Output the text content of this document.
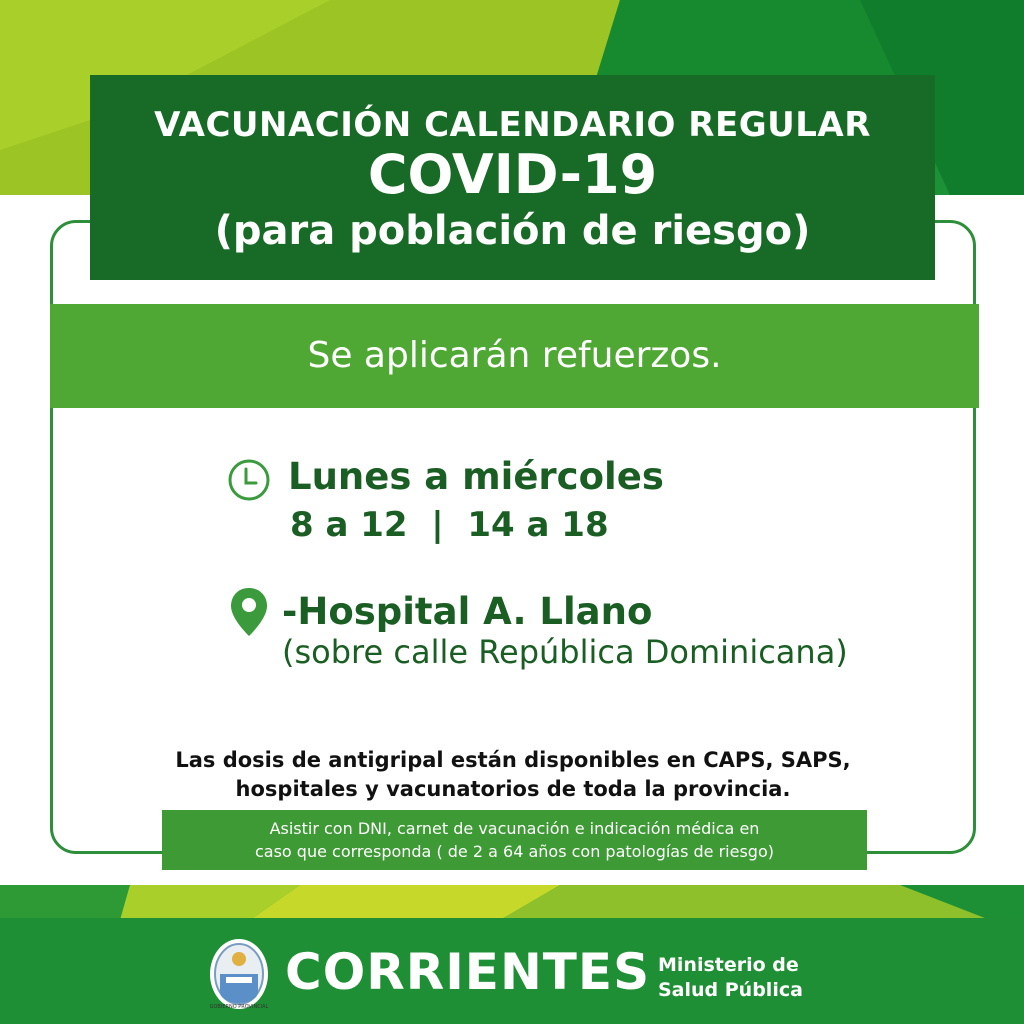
VACUNACIÓN CALENDARIO REGULAR
COVID-19
(para población de riesgo)
Se aplicarán refuerzos.
Lunes a miércoles
8 a 12  |  14 a 18
-Hospital A. Llano
(sobre calle República Dominicana)
Las dosis de antigripal están disponibles en CAPS, SAPS,
hospitales y vacunatorios de toda la provincia.
Asistir con DNI, carnet de vacunación e indicación médica en
caso que corresponda ( de 2 a 64 años con patologías de riesgo)
GOBIERNO PROVINCIAL
CORRIENTES Ministerio de
Salud Pública
